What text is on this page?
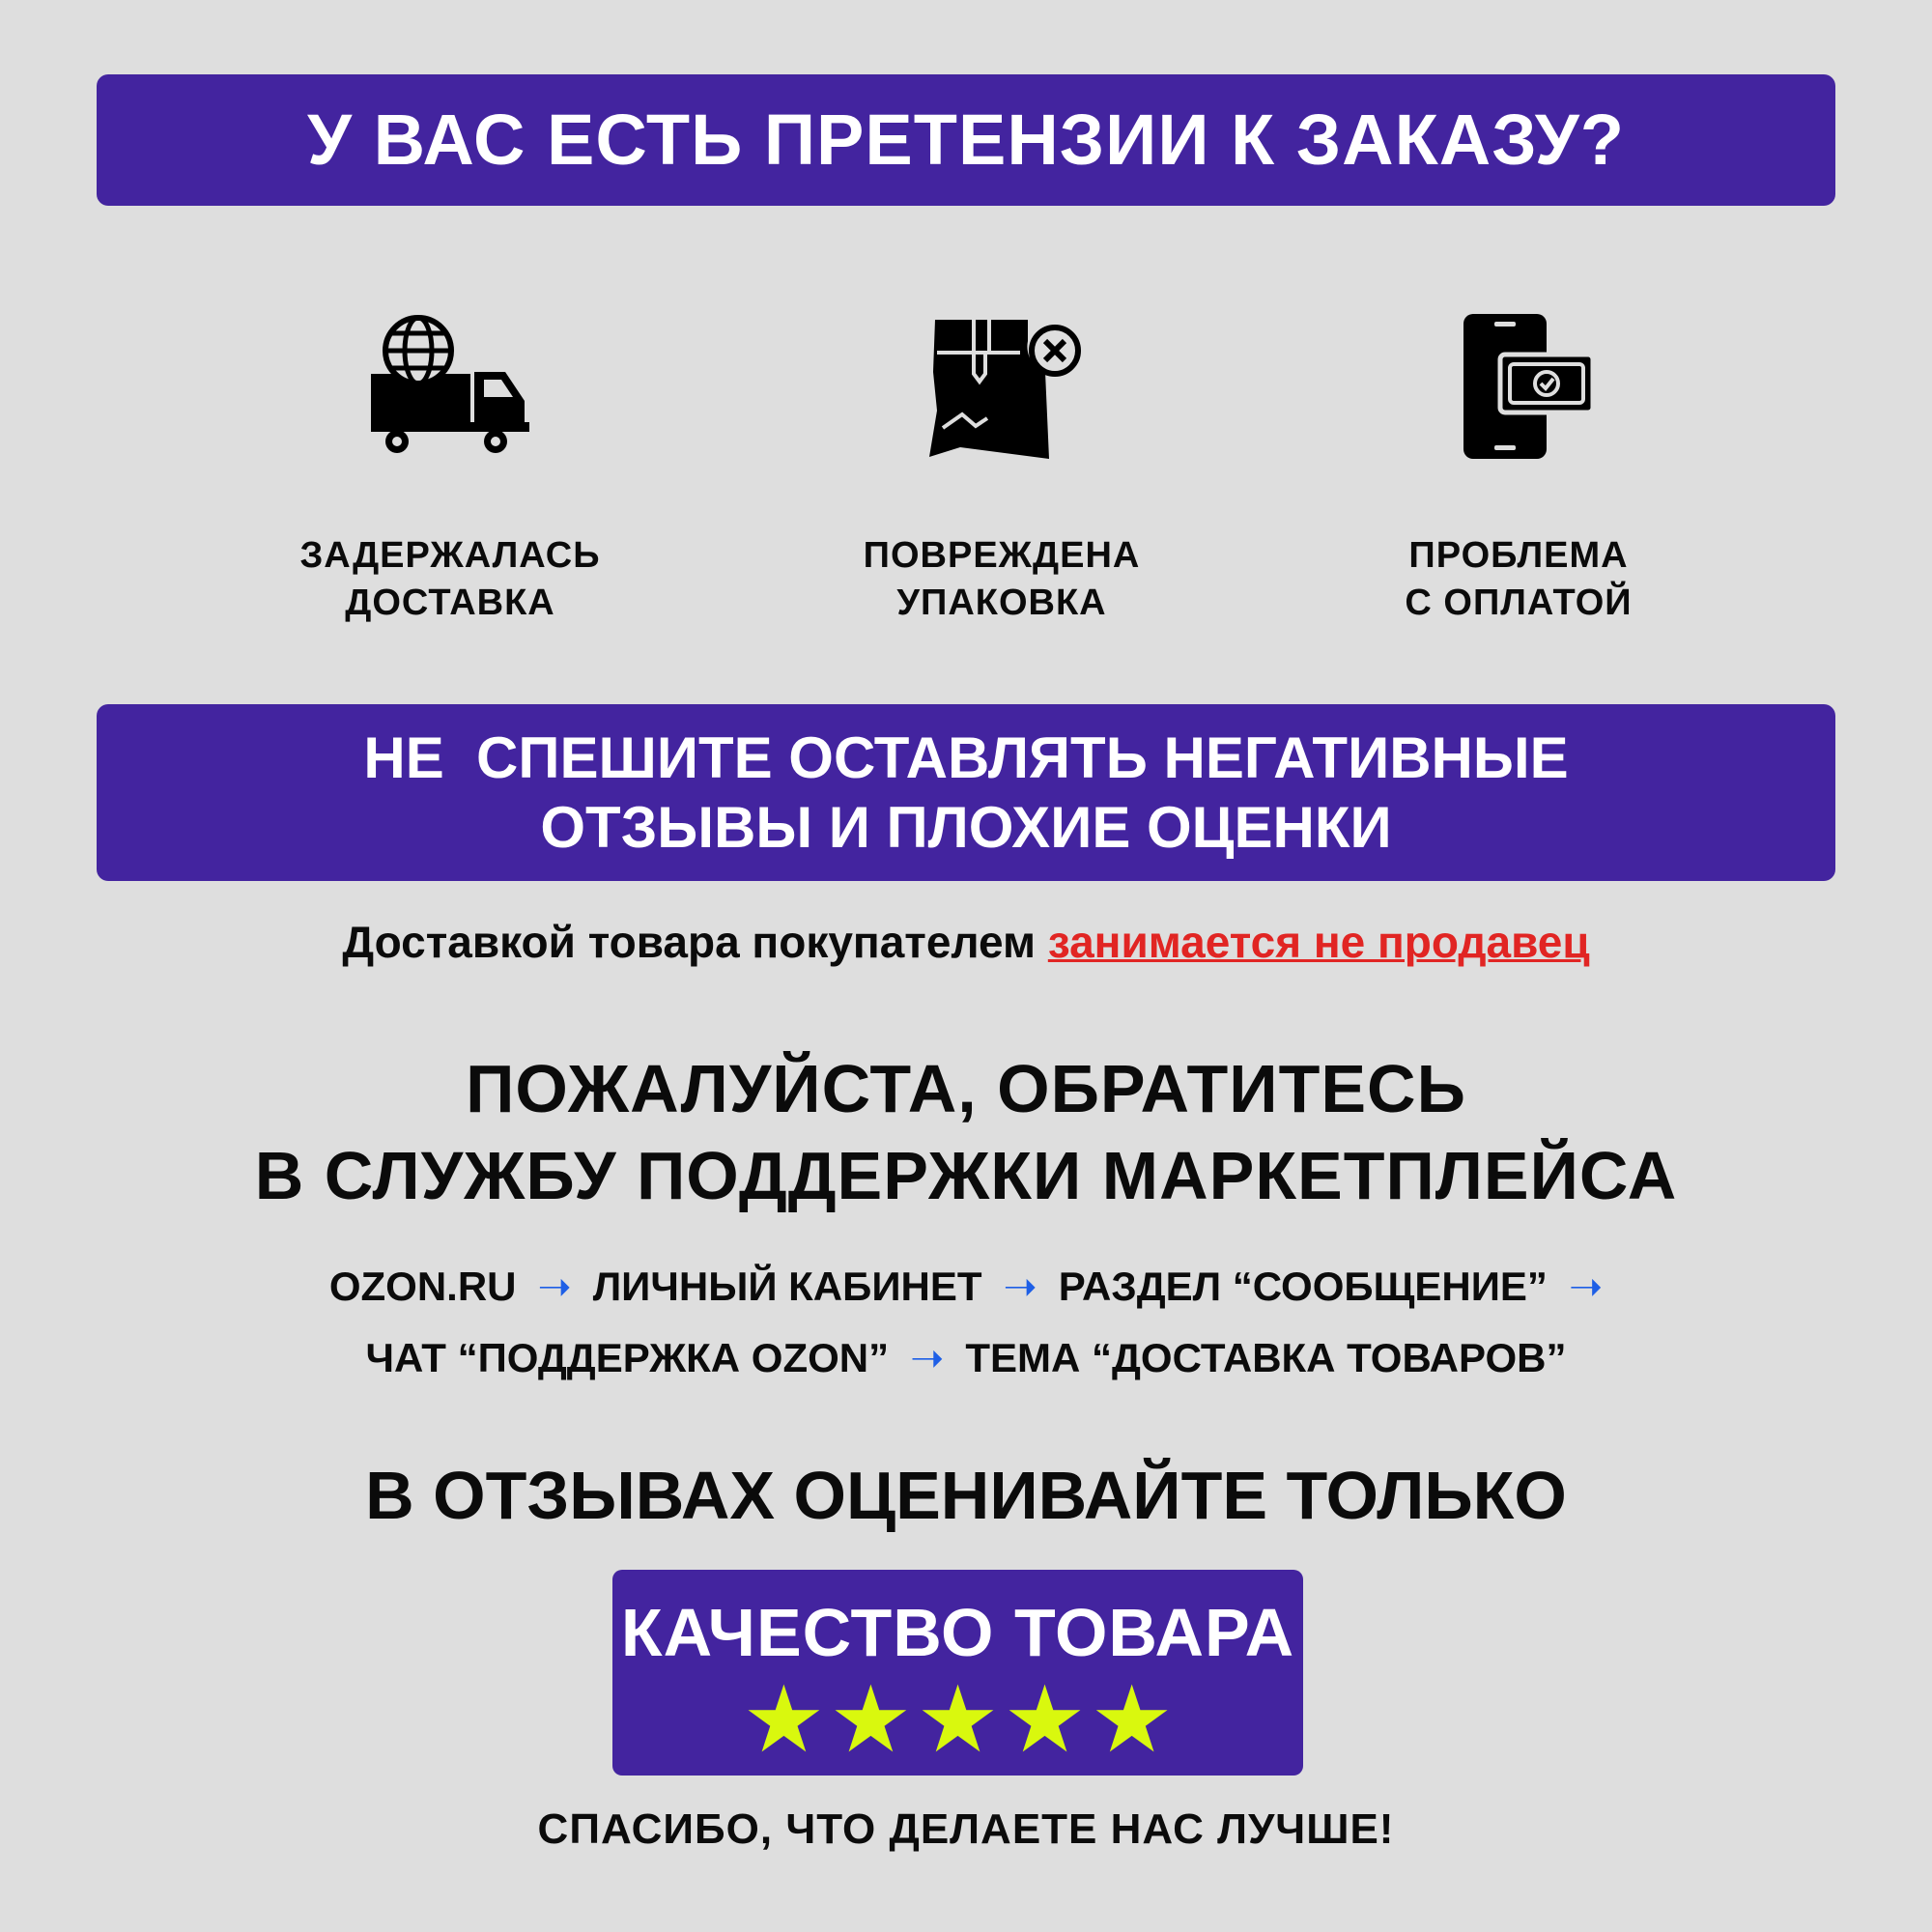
У ВАС ЕСТЬ ПРЕТЕНЗИИ К ЗАКАЗУ?
ЗАДЕРЖАЛАСЬ
ДОСТАВКА
ПОВРЕЖДЕНА
УПАКОВКА
ПРОБЛЕМА
С ОПЛАТОЙ
НЕ  СПЕШИТЕ ОСТАВЛЯТЬ НЕГАТИВНЫЕ
ОТЗЫВЫ И ПЛОХИЕ ОЦЕНКИ
Доставкой товара покупателем занимается не продавец
ПОЖАЛУЙСТА, ОБРАТИТЕСЬ
В СЛУЖБУ ПОДДЕРЖКИ МАРКЕТПЛЕЙСА
OZON.RU ➝ ЛИЧНЫЙ КАБИНЕТ ➝ РАЗДЕЛ “СООБЩЕНИЕ” ➝
ЧАТ “ПОДДЕРЖКА OZON” ➝ ТЕМА “ДОСТАВКА ТОВАРОВ”
В ОТЗЫВАХ ОЦЕНИВАЙТЕ ТОЛЬКО
КАЧЕСТВО ТОВАРА
★★★★★
СПАСИБО, ЧТО ДЕЛАЕТЕ НАС ЛУЧШЕ!
